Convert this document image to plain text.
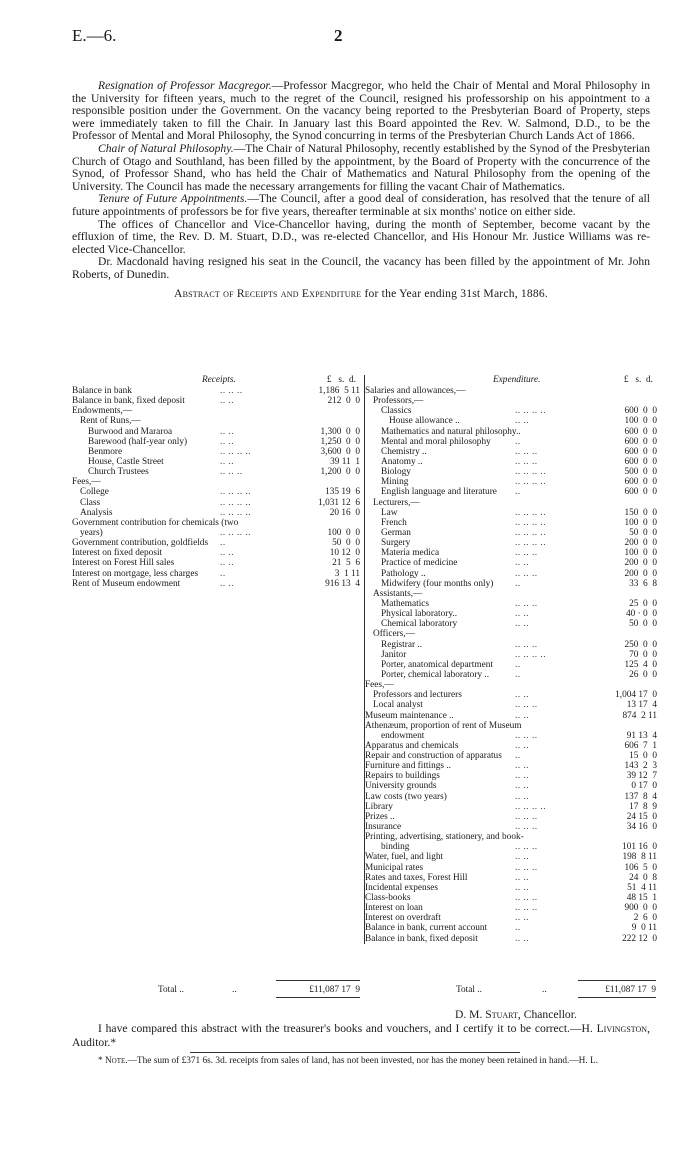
E.—6.	2

Resignation of Professor Macgregor.—Professor Macgregor, who held the Chair of Mental and Moral Philosophy in the University for fifteen years, much to the regret of the Council, resigned his professorship on his appointment to a responsible position under the Government. On the vacancy being reported to the Presbyterian Board of Property, steps were immediately taken to fill the Chair. In January last this Board appointed the Rev. W. Salmond, D.D., to be the Professor of Mental and Moral Philosophy, the Synod concurring in terms of the Presbyterian Church Lands Act of 1866.

Chair of Natural Philosophy.—The Chair of Natural Philosophy, recently established by the Synod of the Presbyterian Church of Otago and Southland, has been filled by the appointment, by the Board of Property with the concurrence of the Synod, of Professor Shand, who has held the Chair of Mathematics and Natural Philosophy from the opening of the University. The Council has made the necessary arrangements for filling the vacant Chair of Mathematics.

Tenure of Future Appointments.—The Council, after a good deal of consideration, has resolved that the tenure of all future appointments of professors be for five years, thereafter terminable at six months' notice on either side.

The offices of Chancellor and Vice-Chancellor having, during the month of September, become vacant by the effluxion of time, the Rev. D. M. Stuart, D.D., was re-elected Chancellor, and His Honour Mr. Justice Williams was re-elected Vice-Chancellor.

Dr. Macdonald having resigned his seat in the Council, the vacancy has been filled by the appointment of Mr. John Roberts, of Dunedin.

Abstract of Receipts and Expenditure for the Year ending 31st March, 1886.
Receipts.	£   s.  d.
Balance in bank	.. .. ..	1,186  5 11
Balance in bank, fixed deposit	.. ..	212  0  0
Endowments,—
Rent of Runs,—
Burwood and Mararoa	.. ..	1,300  0  0
Barewood (half-year only)	.. ..	1,250  0  0
Benmore	.. .. .. ..	3,600  0  0
House, Castle Street	.. ..	39 11  1
Church Trustees	.. .. ..	1,200  0  0
Fees,—
College	.. .. .. ..	135 19  6
Class	.. .. .. ..	1,031 12  6
Analysis	.. .. .. ..	20 16  0
Government contribution for chemicals (two
years)	.. .. .. ..	100  0  0
Government contribution, goldfields ..	50  0  0
Interest on fixed deposit	.. ..	10 12  0
Interest on Forest Hill sales	.. ..	21  5  6
Interest on mortgage, less charges ..	3  1 11
Rent of Museum endowment	.. ..	916 13  4
Expenditure.	£   s.  d.
Salaries and allowances,—
Professors,—
Classics	.. .. .. ..	600  0  0
House allowance ..	.. ..	100  0  0
Mathematics and natural philosophy..	600  0  0
Mental and moral philosophy	..	600  0  0
Chemistry ..	.. .. ..	600  0  0
Anatomy ..	.. .. ..	600  0  0
Biology	.. .. .. ..	500  0  0
Mining	.. .. .. ..	600  0  0
English language and literature ..	600  0  0
Lecturers,—
Law	.. .. .. ..	150  0  0
French	.. .. .. ..	100  0  0
German	.. .. .. ..	50  0  0
Surgery	.. .. .. ..	200  0  0
Materia medica	.. .. ..	100  0  0
Practice of medicine	.. ..	200  0  0
Pathology ..	.. .. ..	200  0  0
Midwifery (four months only) ..	33  6  8
Assistants,—
Mathematics	.. .. ..	25  0  0
Physical laboratory..	.. ..	40 · 0  0
Chemical laboratory	.. ..	50  0  0
Officers,—
Registrar ..	.. .. ..	250  0  0
Janitor	.. .. .. ..	70  0  0
Porter, anatomical department ..	125  4  0
Porter, chemical laboratory ..	..	26  0  0
Fees,—
Professors and lecturers	.. ..	1,004 17  0
Local analyst	.. .. ..	13 17  4
Museum maintenance ..	.. ..	874  2 11
Athenæum, proportion of rent of Museum
endowment	.. .. ..	91 13  4
Apparatus and chemicals	.. ..	606  7  1
Repair and construction of apparatus ..	15  0  0
Furniture and fittings ..	.. ..	143  2  3
Repairs to buildings	.. ..	39 12  7
University grounds	.. ..	0 17  0
Law costs (two years)	.. ..	137  8  4
Library	.. .. .. ..	17  8  9
Prizes ..	.. .. ..	24 15  0
Insurance	.. .. ..	34 16  0
Printing, advertising, stationery, and book-
binding	.. .. ..	101 16  0
Water, fuel, and light	.. ..	198  8 11
Municipal rates	.. .. ..	106  5  0
Rates and taxes, Forest Hill	.. ..	24  0  8
Incidental expenses	.. ..	51  4 11
Class-books	.. .. ..	48 15  1
Interest on loan	.. .. ..	900  0  0
Interest on overdraft	.. ..	2  6  0
Balance in bank, current account	..	9  0 11
Balance in bank, fixed deposit	.. ..	222 12  0
Total ..	..	£11,087 17  9	Total ..	..	£11,087 17  9
D. M. Stuart, Chancellor.
I have compared this abstract with the treasurer's books and vouchers, and I certify it to be correct.—H. Livingston, Auditor.*
* Note.—The sum of £371 6s. 3d. receipts from sales of land, has not been invested, nor has the money been retained in hand.—H. L.
